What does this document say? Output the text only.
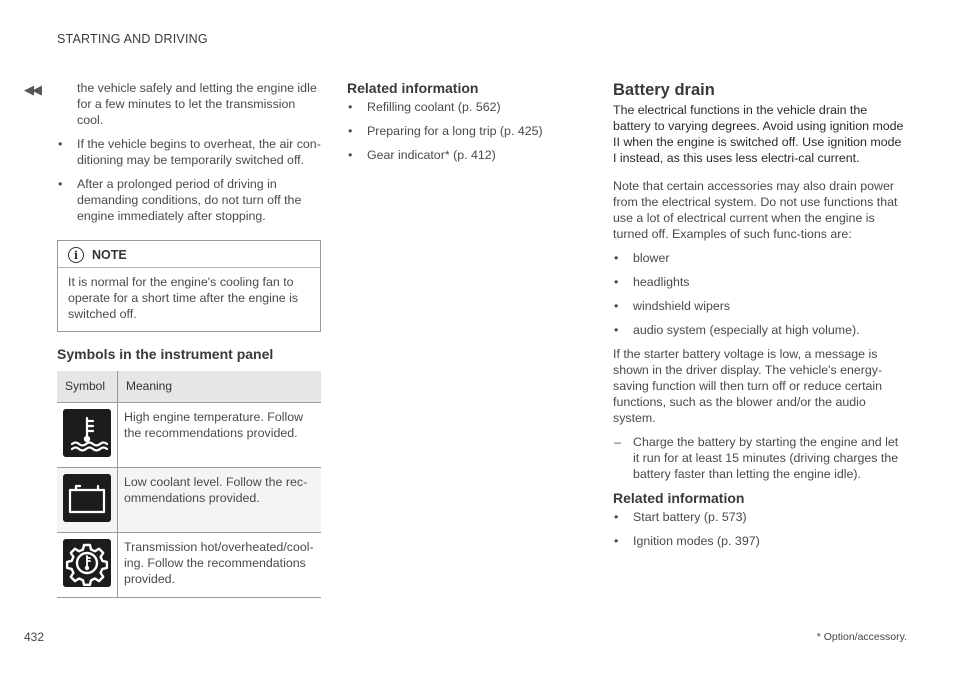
STARTING AND DRIVING
◀◀	the vehicle safely and letting the engine idle for a few minutes to let the transmission cool.
• If the vehicle begins to overheat, the air con-ditioning may be temporarily switched off.
• After a prolonged period of driving in demanding conditions, do not turn off the engine immediately after stopping.
i	NOTE
It is normal for the engine's cooling fan to operate for a short time after the engine is switched off.
Symbols in the instrument panel
Symbol	Meaning

	High engine temperature. Follow the recommendations provided.

	Low coolant level. Follow the rec-ommendations provided.

	Transmission hot/overheated/cool-ing. Follow the recommendations provided.
Related information
• Refilling coolant (p. 562)
• Preparing for a long trip (p. 425)
• Gear indicator* (p. 412)
Battery drain

The electrical functions in the vehicle drain the battery to varying degrees. Avoid using ignition mode II when the engine is switched off. Use ignition mode I instead, as this uses less electri-cal current.

Note that certain accessories may also drain power from the electrical system. Do not use functions that use a lot of electrical current when the engine is turned off. Examples of such func-tions are:

• blower
• headlights
• windshield wipers
• audio system (especially at high volume).

If the starter battery voltage is low, a message is shown in the driver display. The vehicle's energy-saving function will then turn off or reduce certain functions, such as the blower and/or the audio system.

– Charge the battery by starting the engine and let it run for at least 15 minutes (driving charges the battery faster than letting the engine idle).
Related information
• Start battery (p. 573)
• Ignition modes (p. 397)
432	* Option/accessory.
